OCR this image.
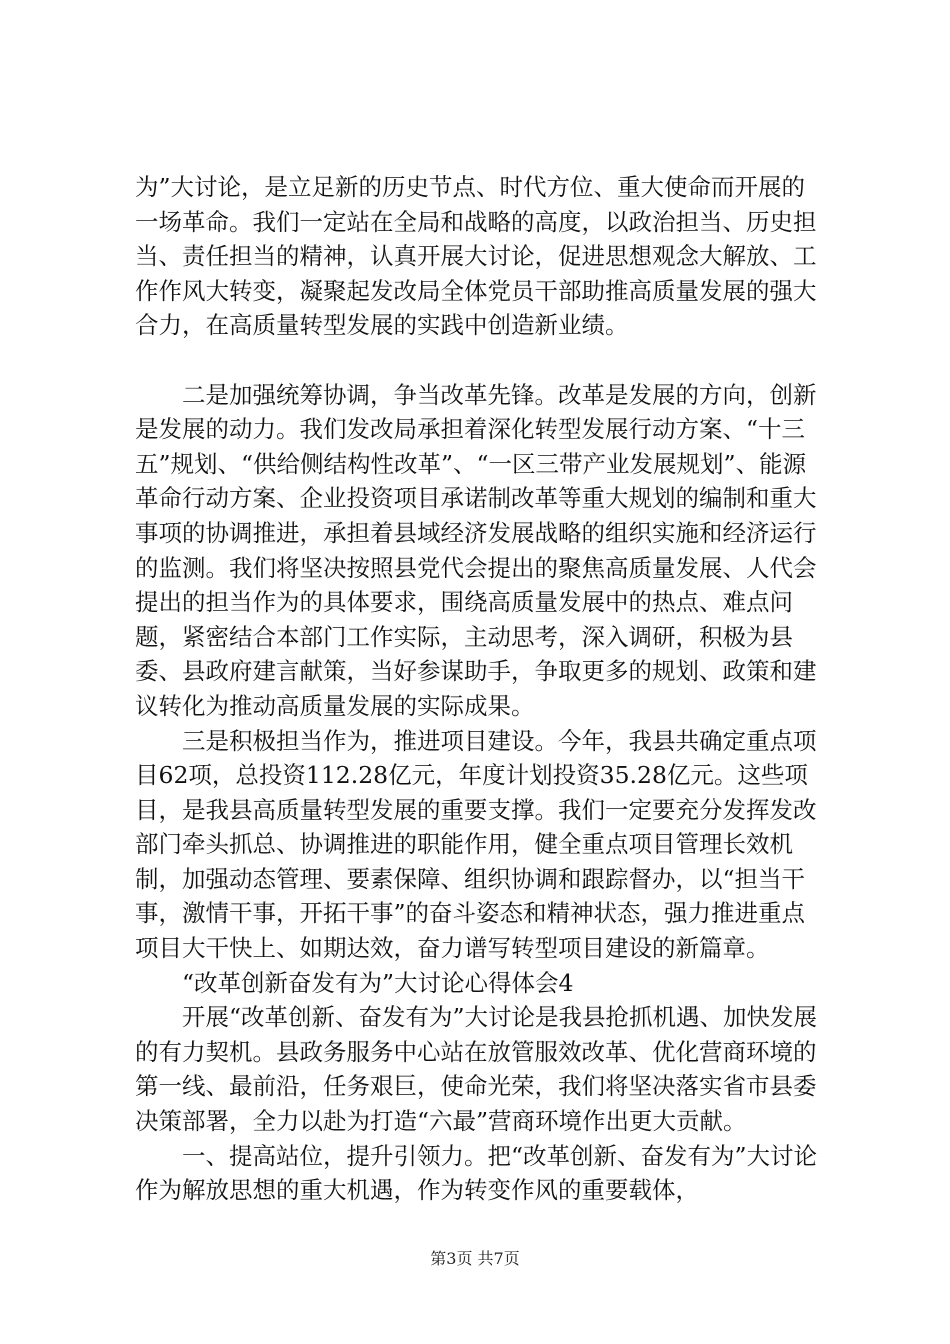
为”大讨论，是立足新的历史节点、时代方位、重大使命而开展的一场革命。我们一定站在全局和战略的高度，以政治担当、历史担当、责任担当的精神，认真开展大讨论，促进思想观念大解放、工作作风大转变，凝聚起发改局全体党员干部助推高质量发展的强大合力，在高质量转型发展的实践中创造新业绩。

二是加强统筹协调，争当改革先锋。改革是发展的方向，创新是发展的动力。我们发改局承担着深化转型发展行动方案、“十三五”规划、“供给侧结构性改革”、“一区三带产业发展规划”、能源革命行动方案、企业投资项目承诺制改革等重大规划的编制和重大事项的协调推进，承担着县域经济发展战略的组织实施和经济运行的监测。我们将坚决按照县党代会提出的聚焦高质量发展、人代会提出的担当作为的具体要求，围绕高质量发展中的热点、难点问题，紧密结合本部门工作实际，主动思考，深入调研，积极为县委、县政府建言献策，当好参谋助手，争取更多的规划、政策和建议转化为推动高质量发展的实际成果。

三是积极担当作为，推进项目建设。今年，我县共确定重点项目62项，总投资112.28亿元，年度计划投资35.28亿元。这些项目，是我县高质量转型发展的重要支撑。我们一定要充分发挥发改部门牵头抓总、协调推进的职能作用，健全重点项目管理长效机制，加强动态管理、要素保障、组织协调和跟踪督办，以“担当干事，激情干事，开拓干事”的奋斗姿态和精神状态，强力推进重点项目大干快上、如期达效，奋力谱写转型项目建设的新篇章。

“改革创新奋发有为”大讨论心得体会4

开展“改革创新、奋发有为”大讨论是我县抢抓机遇、加快发展的有力契机。县政务服务中心站在放管服效改革、优化营商环境的第一线、最前沿，任务艰巨，使命光荣，我们将坚决落实省市县委决策部署，全力以赴为打造“六最”营商环境作出更大贡献。

一、提高站位，提升引领力。把“改革创新、奋发有为”大讨论作为解放思想的重大机遇，作为转变作风的重要载体，

第3页 共7页
